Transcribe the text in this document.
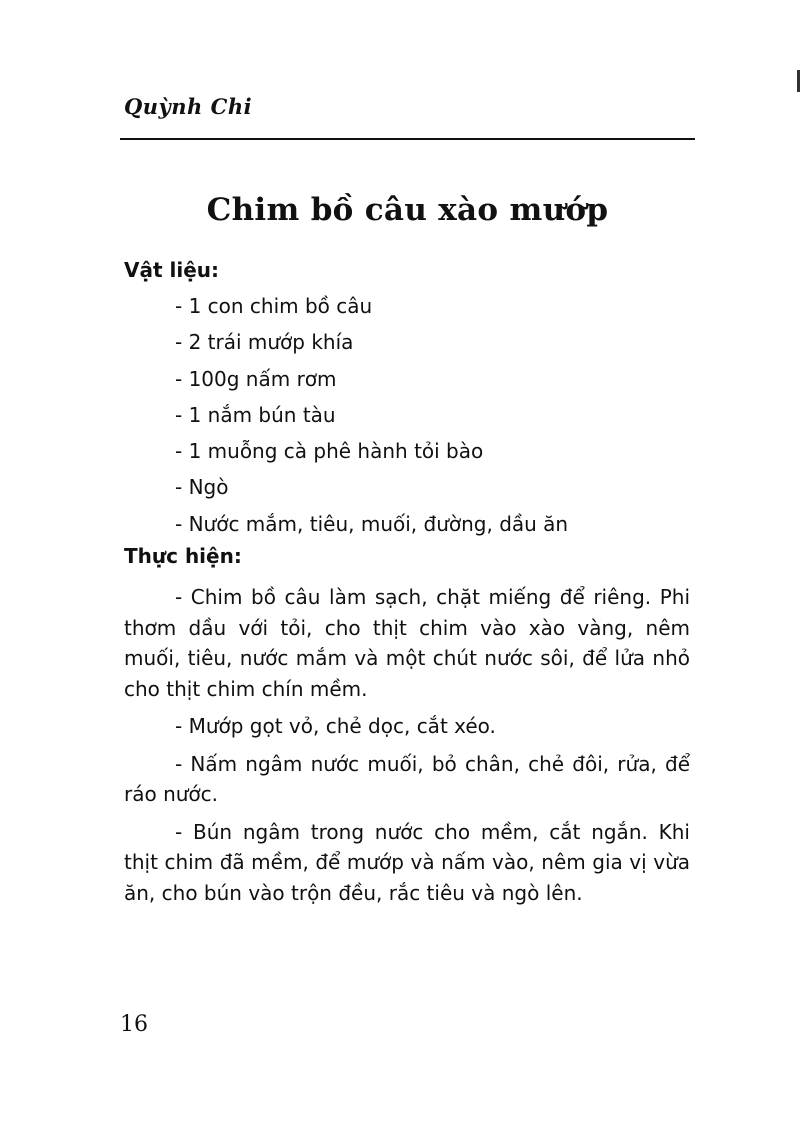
Quỳnh Chi
Chim bồ câu xào mướp
Vật liệu:
- 1 con chim bồ câu
- 2 trái mướp khía
- 100g nấm rơm
- 1 nắm bún tàu
- 1 muỗng cà phê hành tỏi bào
- Ngò
- Nước mắm, tiêu, muối, đường, dầu ăn
Thực hiện:

- Chim bồ câu làm sạch, chặt miếng để riêng. Phi thơm dầu với tỏi, cho thịt chim vào xào vàng, nêm muối, tiêu, nước mắm và một chút nước sôi, để lửa nhỏ cho thịt chim chín mềm.

- Mướp gọt vỏ, chẻ dọc, cắt xéo.

- Nấm ngâm nước muối, bỏ chân, chẻ đôi, rửa, để ráo nước.

- Bún ngâm trong nước cho mềm, cắt ngắn. Khi thịt chim đã mềm, để mướp và nấm vào, nêm gia vị vừa ăn, cho bún vào trộn đều, rắc tiêu và ngò lên.

16
